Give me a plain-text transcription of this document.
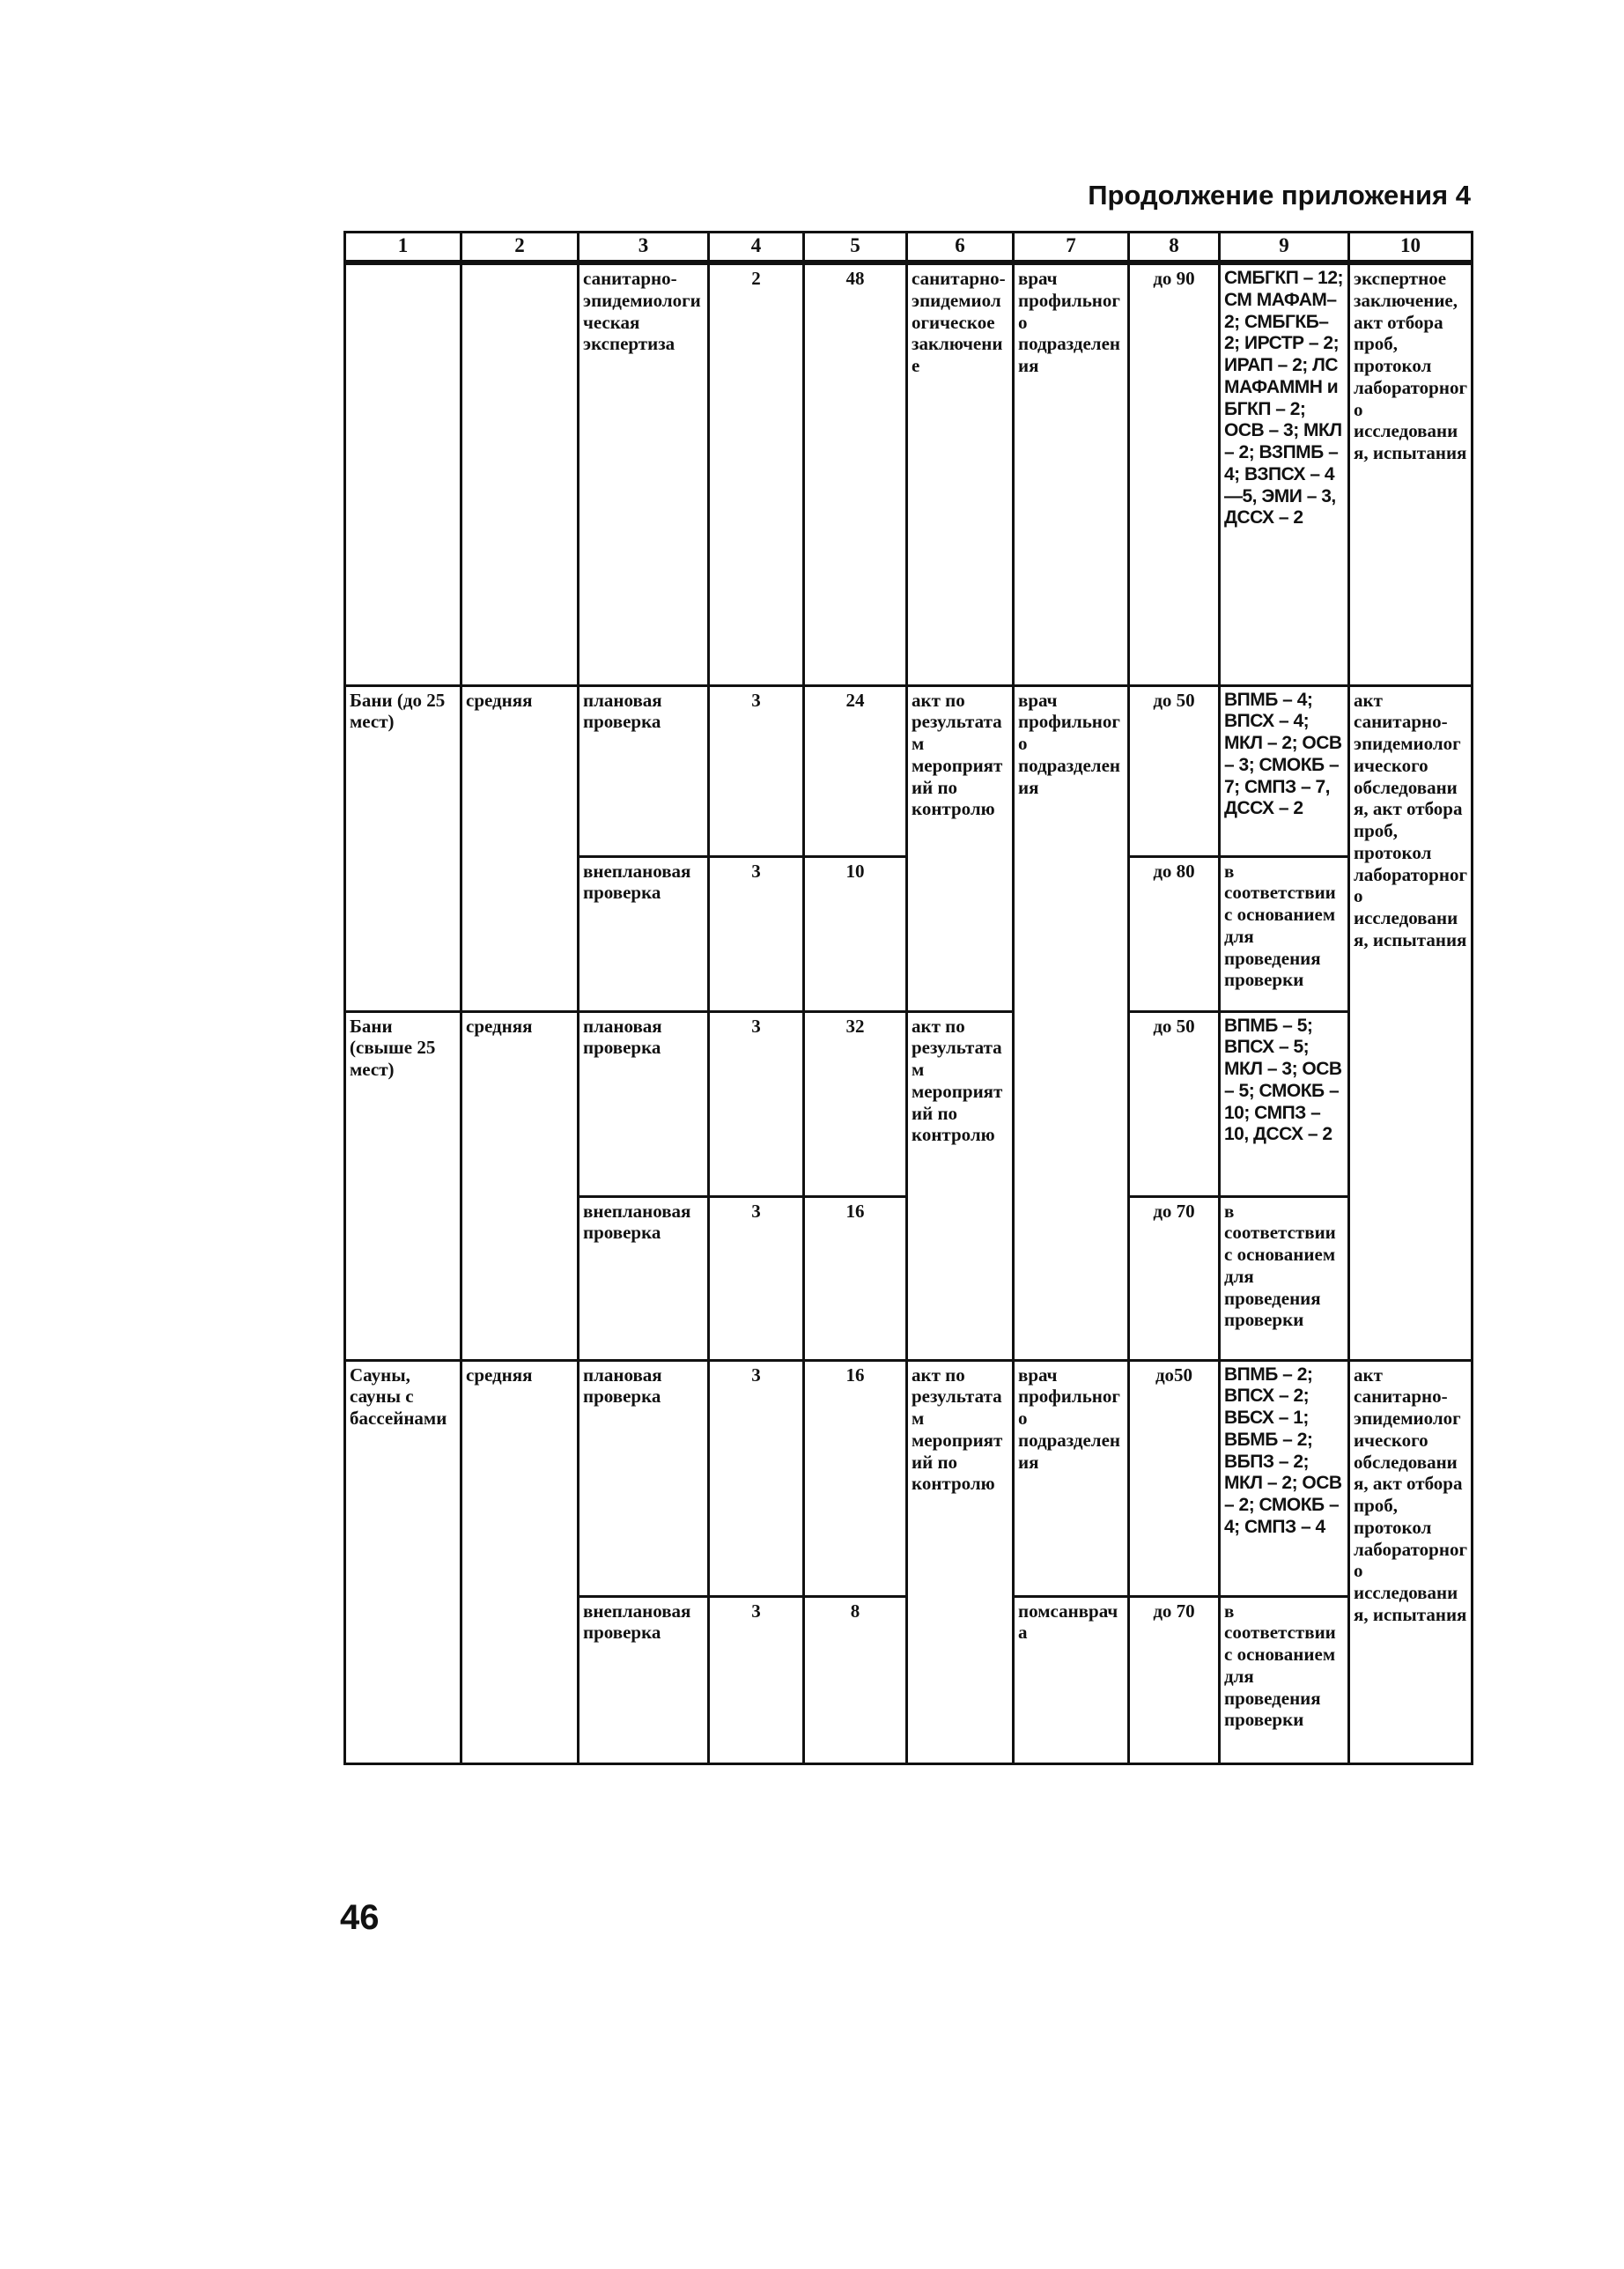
Продолжение приложения 4
1	2	3	4	5	6	7	8	9	10
		санитарно-эпидемиологическая экспертиза	2	48	санитарно-эпидемиологическое заключение	врач профильного подразделения	до 90	СМБГКП – 12; СМ МАФАМ–2; СМБГКБ–2; ИРСТР – 2; ИРАП – 2; ЛС МАФАММН и БГКП – 2; ОСВ – 3; МКЛ – 2; ВЗПМБ – 4; ВЗПСХ – 4—5, ЭМИ – 3, ДССХ – 2	экспертное заключение, акт отбора проб, протокол лабораторного исследования, испытания
Бани (до 25 мест)	средняя	плановая проверка	3	24	акт по результатам мероприятий по контролю	врач профильного подразделения	до 50	ВПМБ – 4; ВПСХ – 4; МКЛ – 2; ОСВ – 3; СМОКБ – 7; СМПЗ – 7, ДССХ – 2	акт санитарно-эпидемиологического обследования, акт отбора проб, протокол лабораторного исследования, испытания
		внеплановая проверка	3	10			до 80	в соответствии с основанием для проведения проверки	
Бани (свыше 25 мест)	средняя	плановая проверка	3	32	акт по результатам мероприятий по контролю		до 50	ВПМБ – 5; ВПСХ – 5; МКЛ – 3; ОСВ – 5; СМОКБ – 10; СМПЗ – 10, ДССХ – 2	
		внеплановая проверка	3	16			до 70	в соответствии с основанием для проведения проверки	
Сауны, сауны с бассейнами	средняя	плановая проверка	3	16	акт по результатам мероприятий по контролю	врач профильного подразделения	до50	ВПМБ – 2; ВПСХ – 2; ВБСХ – 1; ВБМБ – 2; ВБПЗ – 2; МКЛ – 2; ОСВ – 2; СМОКБ – 4; СМПЗ – 4	акт санитарно-эпидемиологического обследования, акт отбора проб, протокол лабораторного исследования, испытания
		внеплановая проверка	3	8		помсанврача	до 70	в соответствии с основанием для проведения проверки	
46
